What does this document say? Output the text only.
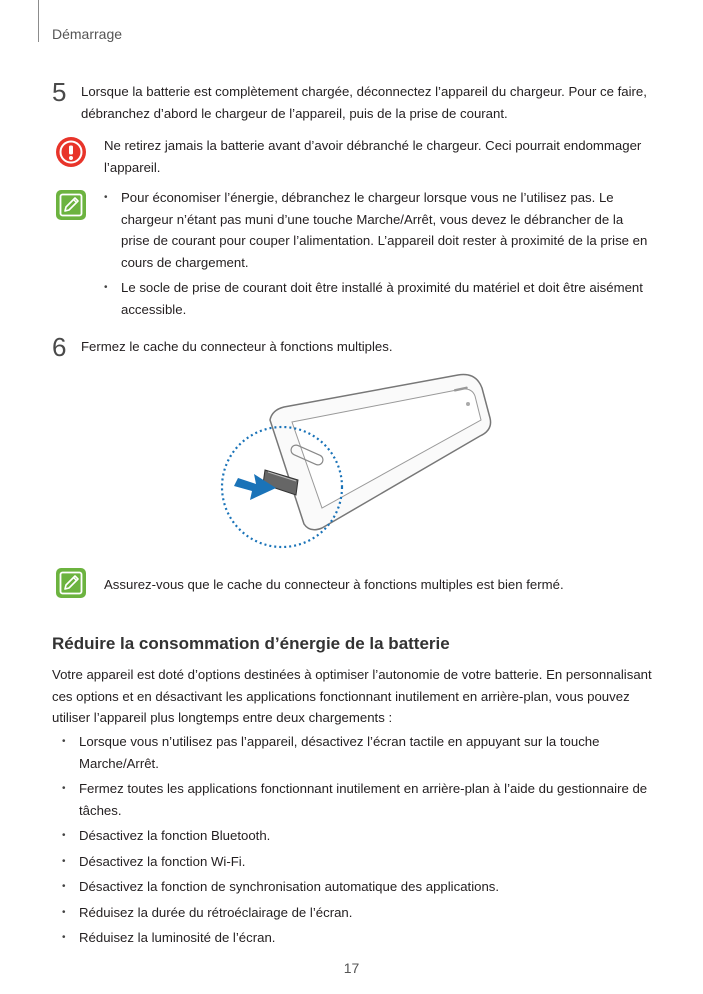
Démarrage
5 Lorsque la batterie est complètement chargée, déconnectez l’appareil du chargeur. Pour ce faire, débranchez d’abord le chargeur de l’appareil, puis de la prise de courant.
Ne retirez jamais la batterie avant d’avoir débranché le chargeur. Ceci pourrait endommager l’appareil.
• Pour économiser l’énergie, débranchez le chargeur lorsque vous ne l’utilisez pas. Le chargeur n’étant pas muni d’une touche Marche/Arrêt, vous devez le débrancher de la prise de courant pour couper l’alimentation. L’appareil doit rester à proximité de la prise en cours de chargement.
• Le socle de prise de courant doit être installé à proximité du matériel et doit être aisément accessible.
6 Fermez le cache du connecteur à fonctions multiples.
Assurez-vous que le cache du connecteur à fonctions multiples est bien fermé.
Réduire la consommation d’énergie de la batterie
Votre appareil est doté d’options destinées à optimiser l’autonomie de votre batterie. En personnalisant ces options et en désactivant les applications fonctionnant inutilement en arrière-plan, vous pouvez utiliser l’appareil plus longtemps entre deux chargements :
• Lorsque vous n’utilisez pas l’appareil, désactivez l’écran tactile en appuyant sur la touche Marche/Arrêt.
• Fermez toutes les applications fonctionnant inutilement en arrière-plan à l’aide du gestionnaire de tâches.
• Désactivez la fonction Bluetooth.
• Désactivez la fonction Wi-Fi.
• Désactivez la fonction de synchronisation automatique des applications.
• Réduisez la durée du rétroéclairage de l’écran.
• Réduisez la luminosité de l’écran.
17
